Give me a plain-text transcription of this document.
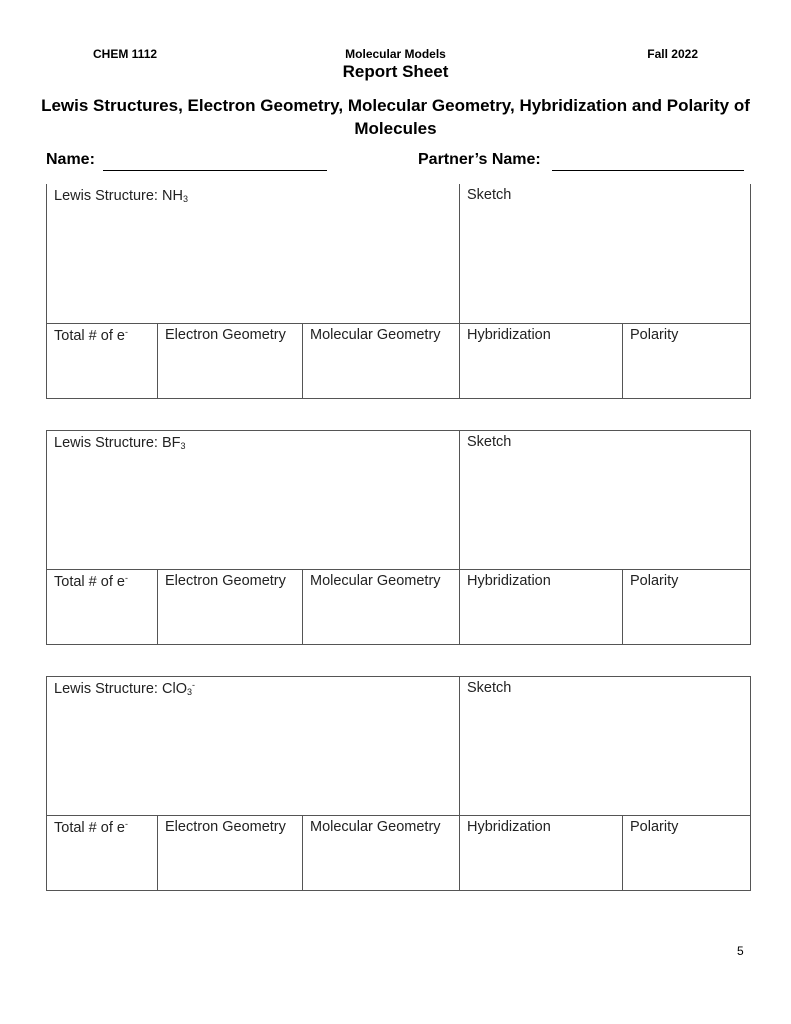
CHEM 1112	Molecular Models	Fall 2022
Report Sheet
Lewis Structures, Electron Geometry, Molecular Geometry, Hybridization and Polarity of Molecules
Name:	Partner’s Name:
Lewis Structure: $NH_3$	Sketch
Total # of e-	Electron Geometry	Molecular Geometry	Hybridization	Polarity
Lewis Structure: $BF_3$	Sketch
Total # of e-	Electron Geometry	Molecular Geometry	Hybridization	Polarity
Lewis Structure: ClO$_3$-	Sketch
Total # of e-	Electron Geometry	Molecular Geometry	Hybridization	Polarity
5
